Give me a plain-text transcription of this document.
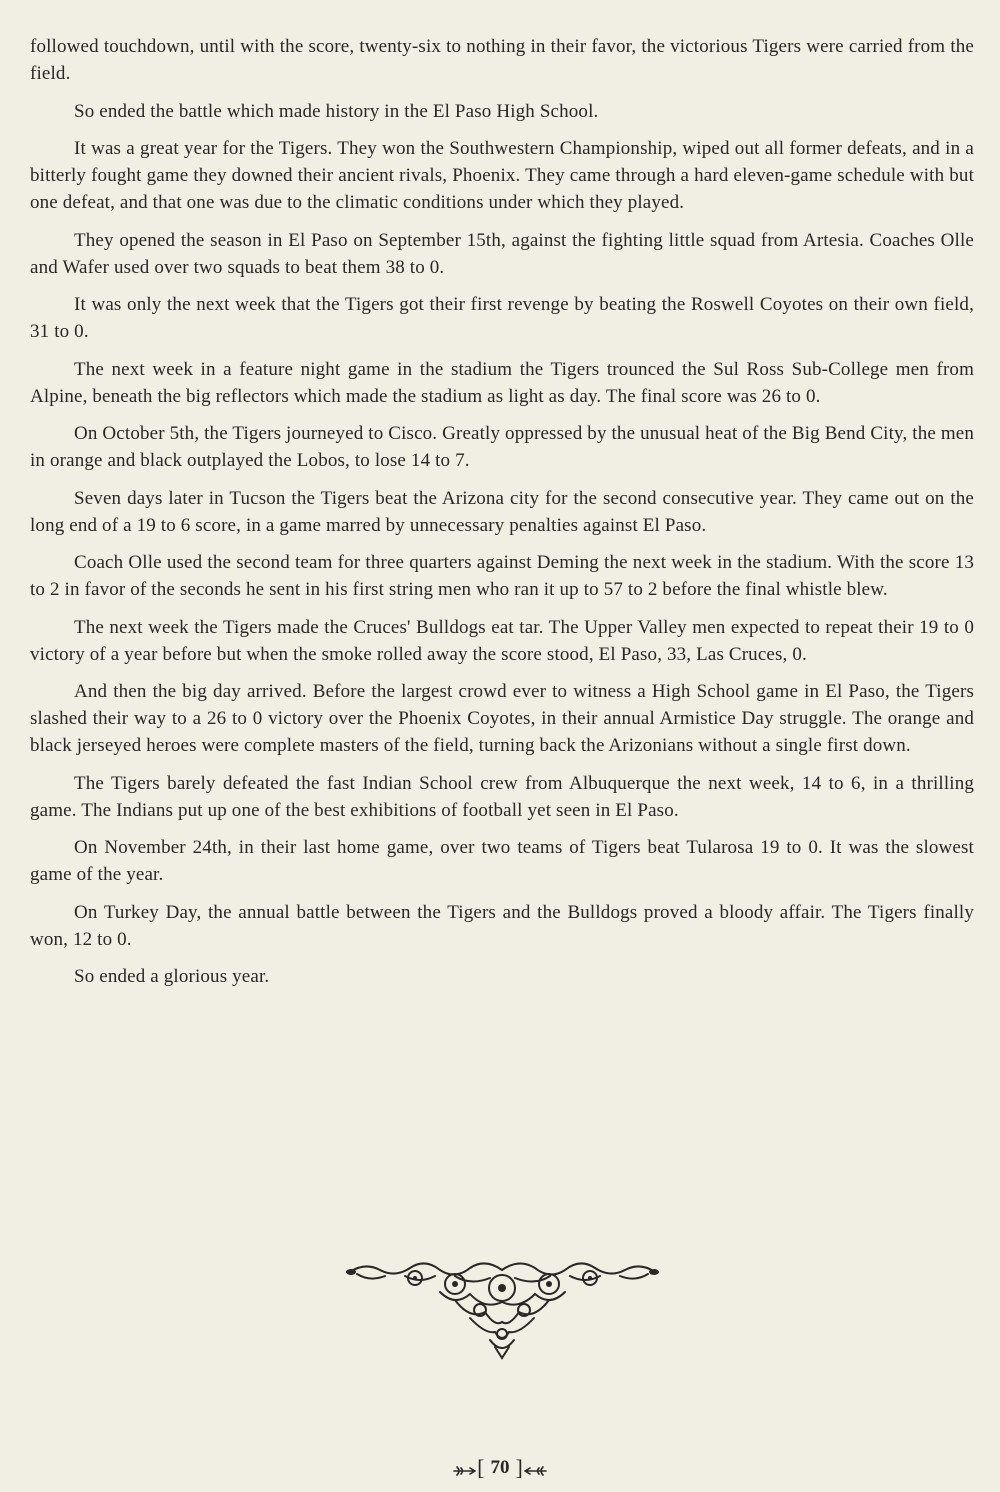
followed touchdown, until with the score, twenty-six to nothing in their favor, the victorious Tigers were carried from the field.

So ended the battle which made history in the El Paso High School.

It was a great year for the Tigers. They won the Southwestern Championship, wiped out all former defeats, and in a bitterly fought game they downed their ancient rivals, Phoenix. They came through a hard eleven-game schedule with but one defeat, and that one was due to the climatic conditions under which they played.

They opened the season in El Paso on September 15th, against the fighting little squad from Artesia. Coaches Olle and Wafer used over two squads to beat them 38 to 0.

It was only the next week that the Tigers got their first revenge by beating the Roswell Coyotes on their own field, 31 to 0.

The next week in a feature night game in the stadium the Tigers trounced the Sul Ross Sub-College men from Alpine, beneath the big reflectors which made the stadium as light as day. The final score was 26 to 0.

On October 5th, the Tigers journeyed to Cisco. Greatly oppressed by the unusual heat of the Big Bend City, the men in orange and black outplayed the Lobos, to lose 14 to 7.

Seven days later in Tucson the Tigers beat the Arizona city for the second consecutive year. They came out on the long end of a 19 to 6 score, in a game marred by unnecessary penalties against El Paso.

Coach Olle used the second team for three quarters against Deming the next week in the stadium. With the score 13 to 2 in favor of the seconds he sent in his first string men who ran it up to 57 to 2 before the final whistle blew.

The next week the Tigers made the Cruces' Bulldogs eat tar. The Upper Valley men expected to repeat their 19 to 0 victory of a year before but when the smoke rolled away the score stood, El Paso, 33, Las Cruces, 0.

And then the big day arrived. Before the largest crowd ever to witness a High School game in El Paso, the Tigers slashed their way to a 26 to 0 victory over the Phoenix Coyotes, in their annual Armistice Day struggle. The orange and black jerseyed heroes were complete masters of the field, turning back the Arizonians without a single first down.

The Tigers barely defeated the fast Indian School crew from Albuquerque the next week, 14 to 6, in a thrilling game. The Indians put up one of the best exhibitions of football yet seen in El Paso.

On November 24th, in their last home game, over two teams of Tigers beat Tularosa 19 to 0. It was the slowest game of the year.

On Turkey Day, the annual battle between the Tigers and the Bulldogs proved a bloody affair. The Tigers finally won, 12 to 0.

So ended a glorious year.

[ 70 ]
